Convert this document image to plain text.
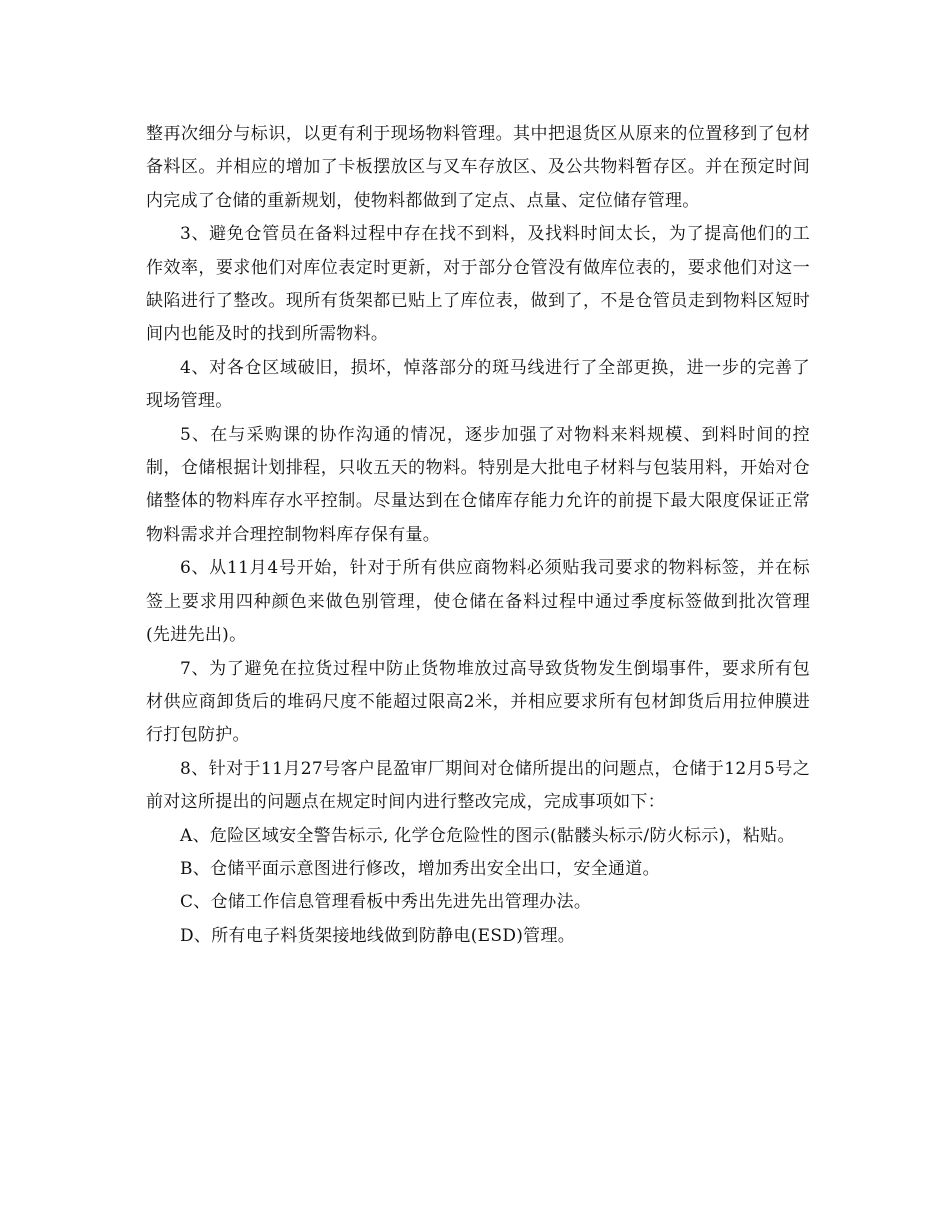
整再次细分与标识，以更有利于现场物料管理。其中把退货区从原来的位置移到了包材备料区。并相应的增加了卡板摆放区与叉车存放区、及公共物料暂存区。并在预定时间内完成了仓储的重新规划，使物料都做到了定点、点量、定位储存管理。

3、避免仓管员在备料过程中存在找不到料，及找料时间太长，为了提高他们的工作效率，要求他们对库位表定时更新，对于部分仓管没有做库位表的，要求他们对这一缺陷进行了整改。现所有货架都已贴上了库位表，做到了，不是仓管员走到物料区短时间内也能及时的找到所需物料。

4、对各仓区域破旧，损坏，悼落部分的斑马线进行了全部更换，进一步的完善了现场管理。

5、在与采购课的协作沟通的情况，逐步加强了对物料来料规模、到料时间的控制，仓储根据计划排程，只收五天的物料。特别是大批电子材料与包装用料，开始对仓储整体的物料库存水平控制。尽量达到在仓储库存能力允许的前提下最大限度保证正常物料需求并合理控制物料库存保有量。

6、从11月4号开始，针对于所有供应商物料必须贴我司要求的物料标签，并在标签上要求用四种颜色来做色别管理，使仓储在备料过程中通过季度标签做到批次管理(先进先出)。

7、为了避免在拉货过程中防止货物堆放过高导致货物发生倒塌事件，要求所有包材供应商卸货后的堆码尺度不能超过限高2米，并相应要求所有包材卸货后用拉伸膜进行打包防护。

8、针对于11月27号客户昆盈审厂期间对仓储所提出的问题点，仓储于12月5号之前对这所提出的问题点在规定时间内进行整改完成，完成事项如下：

A、危险区域安全警告标示, 化学仓危险性的图示(骷髅头标示/防火标示)，粘贴。

B、仓储平面示意图进行修改，增加秀出安全出口，安全通道。

C、仓储工作信息管理看板中秀出先进先出管理办法。

D、所有电子料货架接地线做到防静电(ESD)管理。
